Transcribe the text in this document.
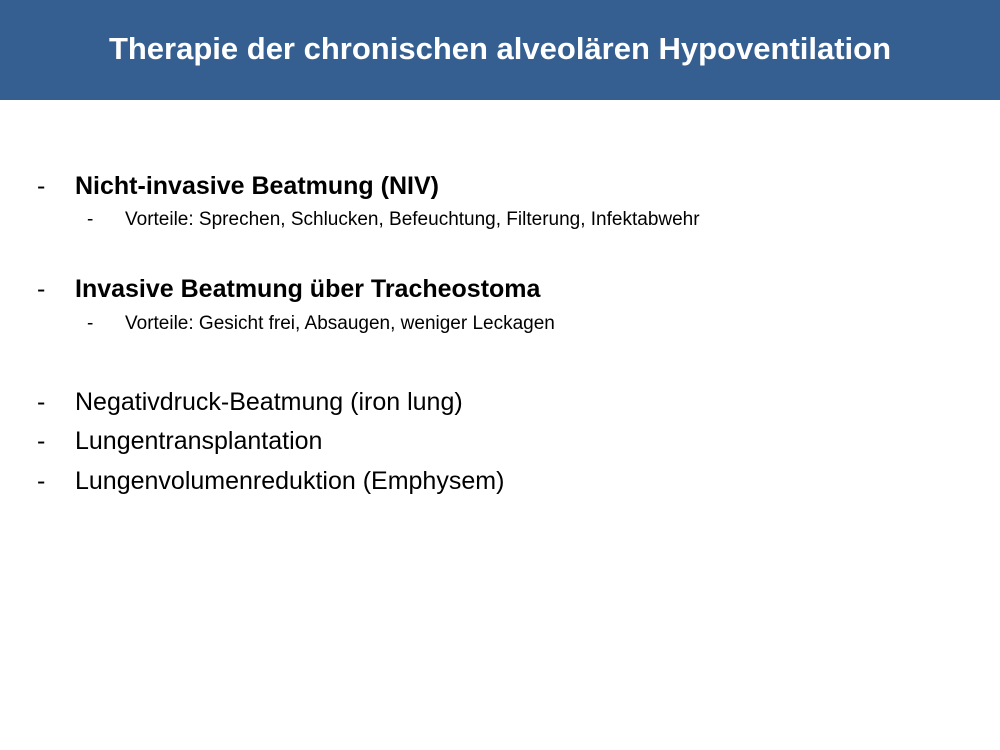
Therapie der chronischen alveolären Hypoventilation
- Nicht-invasive Beatmung (NIV)
- Vorteile: Sprechen, Schlucken, Befeuchtung, Filterung, Infektabwehr
- Invasive Beatmung über Tracheostoma
- Vorteile: Gesicht frei, Absaugen, weniger Leckagen
- Negativdruck-Beatmung (iron lung)
- Lungentransplantation
- Lungenvolumenreduktion (Emphysem)
